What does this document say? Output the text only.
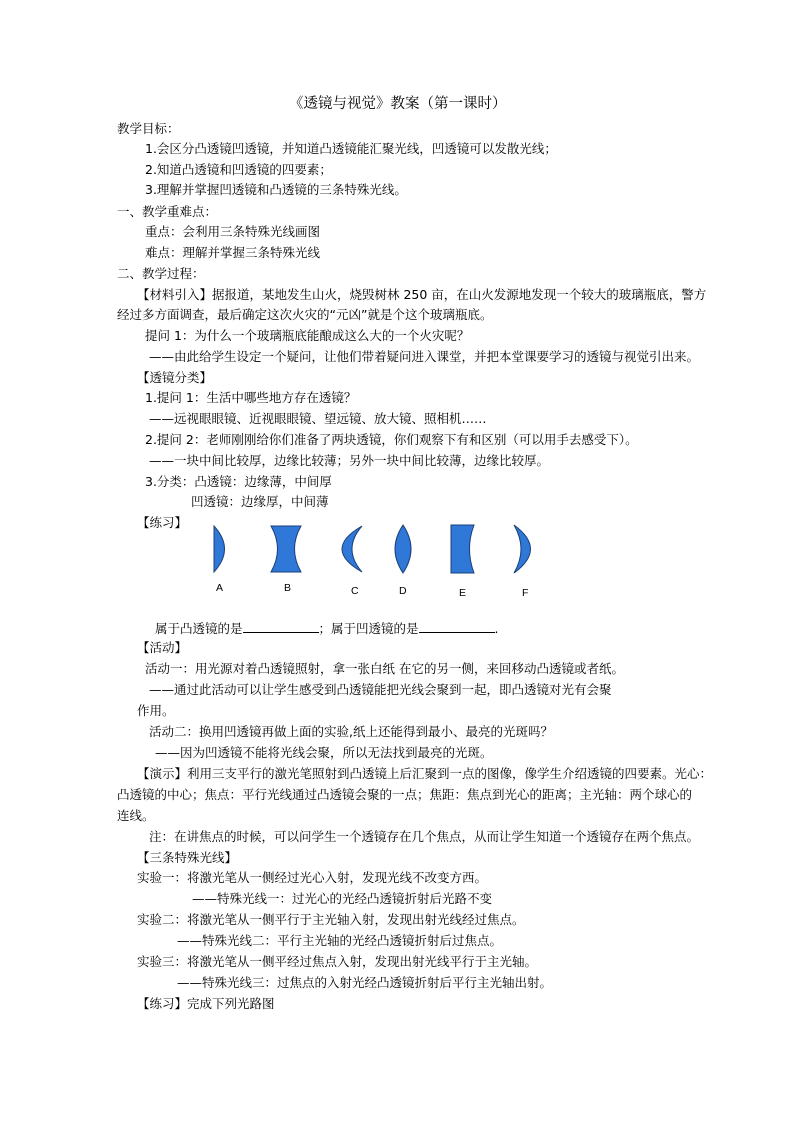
《透镜与视觉》教案（第一课时）
教学目标：
1.会区分凸透镜凹透镜，并知道凸透镜能汇聚光线，凹透镜可以发散光线；
2.知道凸透镜和凹透镜的四要素；
3.理解并掌握凹透镜和凸透镜的三条特殊光线。
一、教学重难点：
重点：会利用三条特殊光线画图
难点：理解并掌握三条特殊光线
二、教学过程：
【材料引入】据报道，某地发生山火，烧毁树林 250 亩，在山火发源地发现一个较大的玻璃瓶底，警方
经过多方面调查，最后确定这次火灾的“元凶”就是个这个玻璃瓶底。
提问 1：为什么一个玻璃瓶底能酿成这么大的一个火灾呢？
——由此给学生设定一个疑问，让他们带着疑问进入课堂，并把本堂课要学习的透镜与视觉引出来。
【透镜分类】
1.提问 1：生活中哪些地方存在透镜？
——远视眼眼镜、近视眼眼镜、望远镜、放大镜、照相机……
2.提问 2：老师刚刚给你们准备了两块透镜，你们观察下有和区别（可以用手去感受下）。
——一块中间比较厚，边缘比较薄；另外一块中间比较薄，边缘比较厚。
3.分类：凸透镜：边缘薄，中间厚
凹透镜：边缘厚，中间薄
【练习】
A	B	C	D	E	F
属于凸透镜的是	；属于凹透镜的是	.
【活动】
活动一：用光源对着凸透镜照射，拿一张白纸 在它的另一侧，来回移动凸透镜或者纸。
——通过此活动可以让学生感受到凸透镜能把光线会聚到一起，即凸透镜对光有会聚
作用。
活动二：换用凹透镜再做上面的实验,纸上还能得到最小、最亮的光斑吗？
——因为凹透镜不能将光线会聚，所以无法找到最亮的光斑。
【演示】利用三支平行的激光笔照射到凸透镜上后汇聚到一点的图像，像学生介绍透镜的四要素。光心：
凸透镜的中心；焦点：平行光线通过凸透镜会聚的一点；焦距：焦点到光心的距离；主光轴：两个球心的
连线。
注：在讲焦点的时候，可以问学生一个透镜存在几个焦点，从而让学生知道一个透镜存在两个焦点。
【三条特殊光线】
实验一：将激光笔从一侧经过光心入射，发现光线不改变方西。
——特殊光线一：过光心的光经凸透镜折射后光路不变
实验二：将激光笔从一侧平行于主光轴入射，发现出射光线经过焦点。
——特殊光线二：平行主光轴的光经凸透镜折射后过焦点。
实验三：将激光笔从一侧平经过焦点入射，发现出射光线平行于主光轴。
——特殊光线三：过焦点的入射光经凸透镜折射后平行主光轴出射。
【练习】完成下列光路图
